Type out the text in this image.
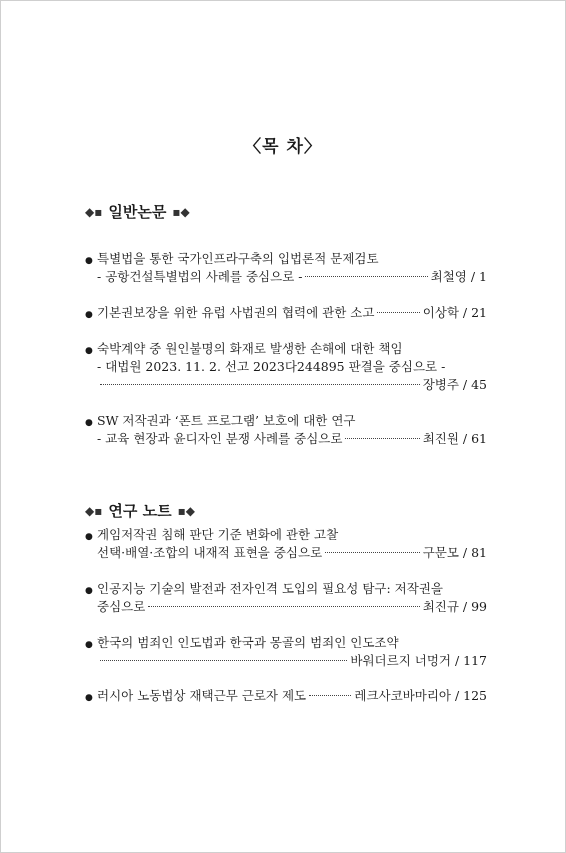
〈목 차〉
◆▪ 일반논문 ▪◆
● 특별법을 통한 국가인프라구축의 입법론적 문제검토
- 공항건설특별법의 사례를 중심으로 -	최철영 / 1
● 기본권보장을 위한 유럽 사법권의 협력에 관한 소고	이상학 / 21
● 숙박계약 중 원인불명의 화재로 발생한 손해에 대한 책임
- 대법원 2023. 11. 2. 선고 2023다244895 판결을 중심으로 -
장병주 / 45
● SW 저작권과 ‘폰트 프로그램’ 보호에 대한 연구
- 교육 현장과 윤디자인 분쟁 사례를 중심으로	최진원 / 61
◆▪ 연구 노트 ▪◆
● 게임저작권 침해 판단 기준 변화에 관한 고찰
선택·배열·조합의 내재적 표현을 중심으로	구문모 / 81
● 인공지능 기술의 발전과 전자인격 도입의 필요성 탐구: 저작권을
중심으로	최진규 / 99
● 한국의 범죄인 인도법과 한국과 몽골의 범죄인 인도조약
바워더르지 너멍거 / 117
● 러시아 노동법상 재택근무 근로자 제도	레크사코바마리아 / 125
